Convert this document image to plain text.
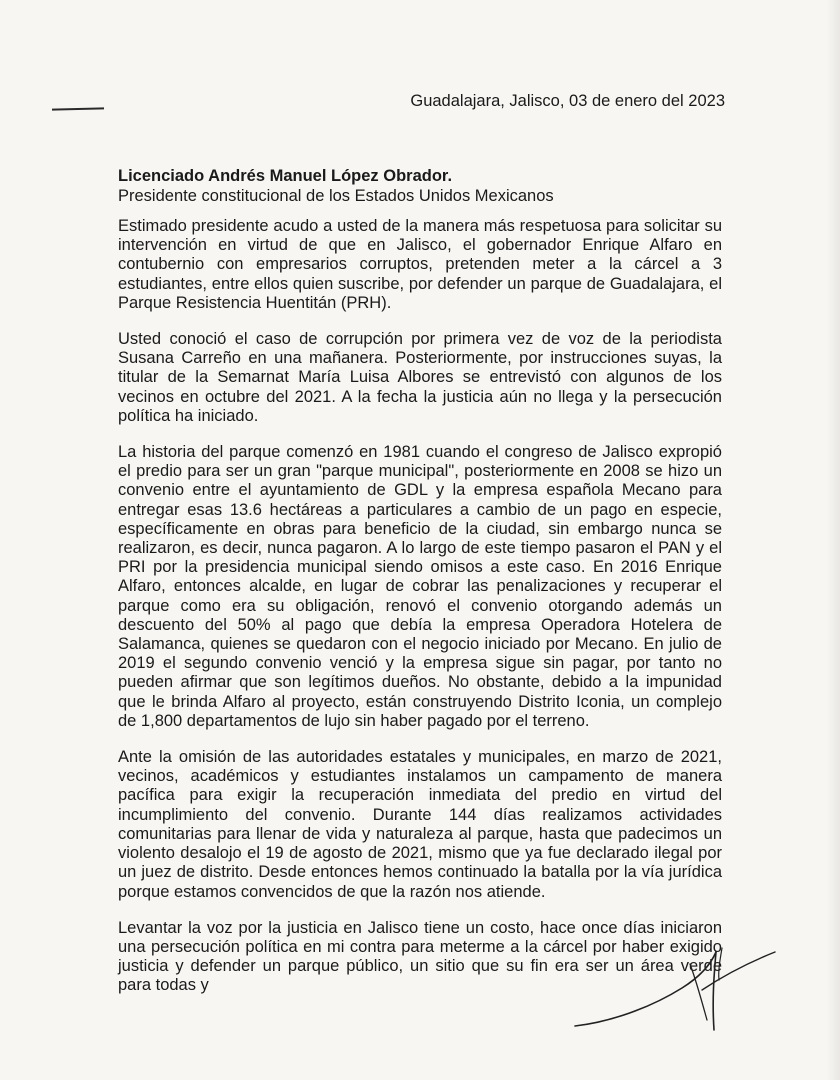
Guadalajara, Jalisco, 03 de enero del 2023
Licenciado Andrés Manuel López Obrador.
Presidente constitucional de los Estados Unidos Mexicanos

Estimado presidente acudo a usted de la manera más respetuosa para solicitar su intervención en virtud de que en Jalisco, el gobernador Enrique Alfaro en contubernio con empresarios corruptos, pretenden meter a la cárcel a 3 estudiantes, entre ellos quien suscribe, por defender un parque de Guadalajara, el Parque Resistencia Huentitán (PRH).

Usted conoció el caso de corrupción por primera vez de voz de la periodista Susana Carreño en una mañanera. Posteriormente, por instrucciones suyas, la titular de la Semarnat María Luisa Albores se entrevistó con algunos de los vecinos en octubre del 2021. A la fecha la justicia aún no llega y la persecución política ha iniciado.

La historia del parque comenzó en 1981 cuando el congreso de Jalisco expropió el predio para ser un gran "parque municipal", posteriormente en 2008 se hizo un convenio entre el ayuntamiento de GDL y la empresa española Mecano para entregar esas 13.6 hectáreas a particulares a cambio de un pago en especie, específicamente en obras para beneficio de la ciudad, sin embargo nunca se realizaron, es decir, nunca pagaron. A lo largo de este tiempo pasaron el PAN y el PRI por la presidencia municipal siendo omisos a este caso. En 2016 Enrique Alfaro, entonces alcalde, en lugar de cobrar las penalizaciones y recuperar el parque como era su obligación, renovó el convenio otorgando además un descuento del 50% al pago que debía la empresa Operadora Hotelera de Salamanca, quienes se quedaron con el negocio iniciado por Mecano. En julio de 2019 el segundo convenio venció y la empresa sigue sin pagar, por tanto no pueden afirmar que son legítimos dueños. No obstante, debido a la impunidad que le brinda Alfaro al proyecto, están construyendo Distrito Iconia, un complejo de 1,800 departamentos de lujo sin haber pagado por el terreno.

Ante la omisión de las autoridades estatales y municipales, en marzo de 2021, vecinos, académicos y estudiantes instalamos un campamento de manera pacífica para exigir la recuperación inmediata del predio en virtud del incumplimiento del convenio. Durante 144 días realizamos actividades comunitarias para llenar de vida y naturaleza al parque, hasta que padecimos un violento desalojo el 19 de agosto de 2021, mismo que ya fue declarado ilegal por un juez de distrito. Desde entonces hemos continuado la batalla por la vía jurídica porque estamos convencidos de que la razón nos atiende.

Levantar la voz por la justicia en Jalisco tiene un costo, hace once días iniciaron una persecución política en mi contra para meterme a la cárcel por haber exigido justicia y defender un parque público, un sitio que su fin era ser un área verde para todas y
